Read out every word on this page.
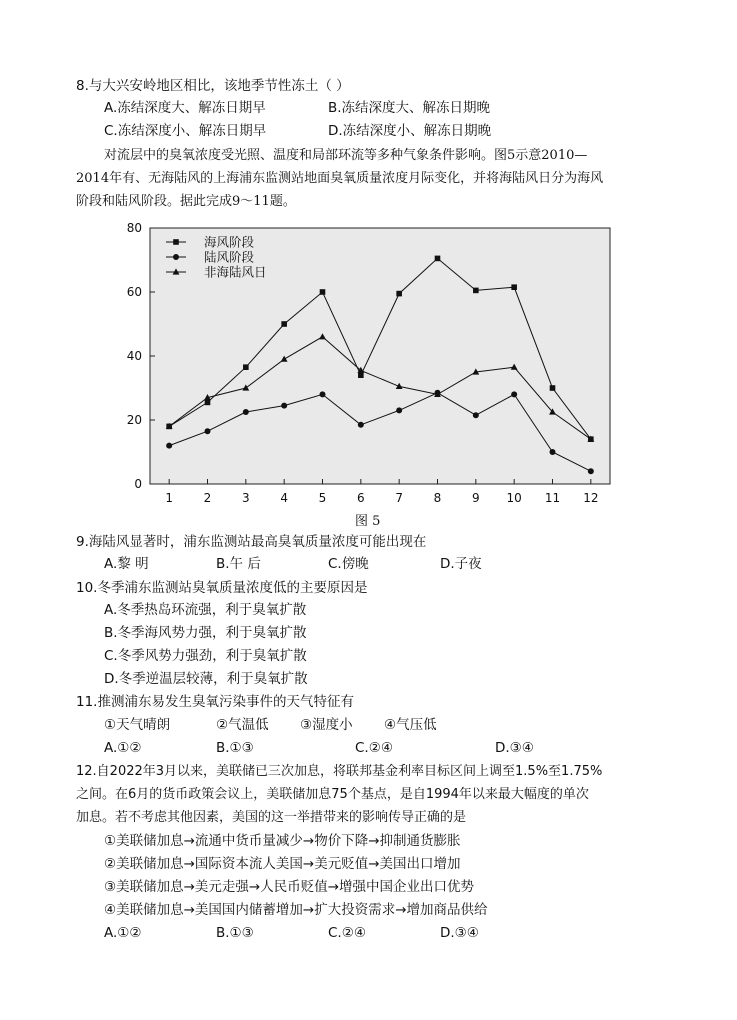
8.与大兴安岭地区相比，该地季节性冻土（ ）
A.冻结深度大、解冻日期早	B.冻结深度大、解冻日期晚
C.冻结深度小、解冻日期早	D.冻结深度小、解冻日期晚
对流层中的臭氧浓度受光照、温度和局部环流等多种气象条件影响。图5示意2010—
2014年有、无海陆风的上海浦东监测站地面臭氧质量浓度月际变化，并将海陆风日分为海风
阶段和陆风阶段。据此完成9～11题。
0
20
40
60
80
1	2	3	4	5	6	7	8	9 10 11 12
海风阶段
陆风阶段
非海陆风日
图 5
9.海陆风显著时，浦东监测站最高臭氧质量浓度可能出现在
A.黎 明	B.午 后	C.傍晚	D.子夜
10.冬季浦东监测站臭氧质量浓度低的主要原因是
A.冬季热岛环流强，利于臭氧扩散
B.冬季海风势力强，利于臭氧扩散
C.冬季风势力强劲，利于臭氧扩散
D.冬季逆温层较薄，利于臭氧扩散
11.推测浦东易发生臭氧污染事件的天气特征有
①天气晴朗	②气温低 ③湿度小 ④气压低
A.①②	B.①③	C.②④	D.③④
12.自2022年3月以来，美联储已三次加息，将联邦基金利率目标区间上调至1.5%至1.75%
之间。在6月的货币政策会议上，美联储加息75个基点，是自1994年以来最大幅度的单次
加息。若不考虑其他因素，美国的这一举措带来的影响传导正确的是
①美联储加息→流通中货币量减少→物价下降→抑制通货膨胀
②美联储加息→国际资本流人美国→美元贬值→美国出口增加
③美联储加息→美元走强→人民币贬值→增强中国企业出口优势
④美联储加息→美国国内储蓄增加→扩大投资需求→增加商品供给
A.①②	B.①③	C.②④	D.③④
